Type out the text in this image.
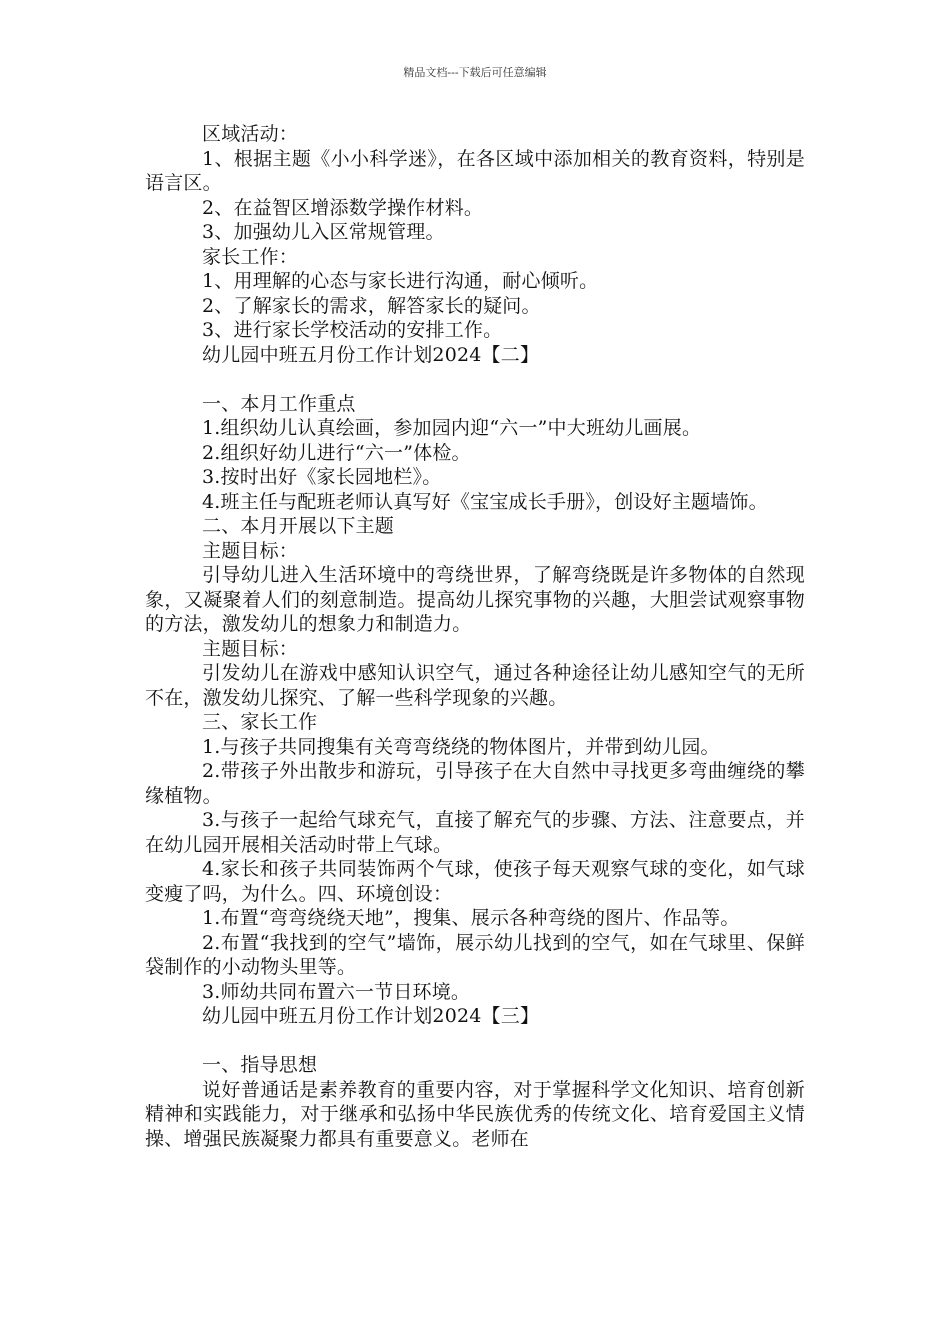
精品文档---下载后可任意编辑

区域活动：

1、根据主题《小小科学迷》，在各区域中添加相关的教育资料，特别是语言区。

2、在益智区增添数学操作材料。

3、加强幼儿入区常规管理。

家长工作：

1、用理解的心态与家长进行沟通，耐心倾听。

2、了解家长的需求，解答家长的疑问。

3、进行家长学校活动的安排工作。

幼儿园中班五月份工作计划2024【二】

一、本月工作重点

1.组织幼儿认真绘画，参加园内迎“六一”中大班幼儿画展。

2.组织好幼儿进行“六一”体检。

3.按时出好《家长园地栏》。

4.班主任与配班老师认真写好《宝宝成长手册》，创设好主题墙饰。

二、本月开展以下主题

主题目标：

引导幼儿进入生活环境中的弯绕世界，了解弯绕既是许多物体的自然现象，又凝聚着人们的刻意制造。提高幼儿探究事物的兴趣，大胆尝试观察事物的方法，激发幼儿的想象力和制造力。

主题目标：

引发幼儿在游戏中感知认识空气，通过各种途径让幼儿感知空气的无所不在，激发幼儿探究、了解一些科学现象的兴趣。

三、家长工作

1.与孩子共同搜集有关弯弯绕绕的物体图片，并带到幼儿园。

2.带孩子外出散步和游玩，引导孩子在大自然中寻找更多弯曲缠绕的攀缘植物。

3.与孩子一起给气球充气，直接了解充气的步骤、方法、注意要点，并在幼儿园开展相关活动时带上气球。

4.家长和孩子共同装饰两个气球，使孩子每天观察气球的变化，如气球变瘦了吗，为什么。四、环境创设：

1.布置“弯弯绕绕天地”，搜集、展示各种弯绕的图片、作品等。

2.布置“我找到的空气”墙饰，展示幼儿找到的空气，如在气球里、保鲜袋制作的小动物头里等。

3.师幼共同布置六一节日环境。

幼儿园中班五月份工作计划2024【三】

一、指导思想

说好普通话是素养教育的重要内容，对于掌握科学文化知识、培育创新精神和实践能力，对于继承和弘扬中华民族优秀的传统文化、培育爱国主义情操、增强民族凝聚力都具有重要意义。老师在
